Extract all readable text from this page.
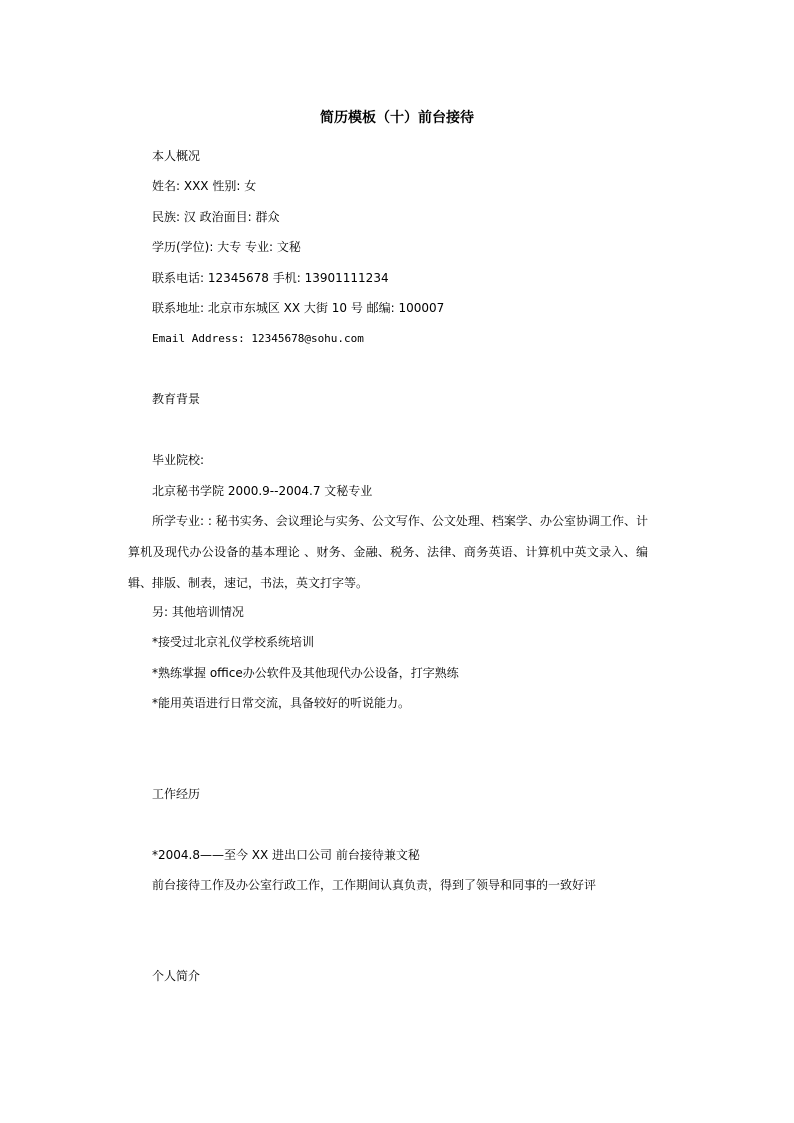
简历模板（十）前台接待
本人概况
姓名: XXX 性别: 女
民族: 汉 政治面目: 群众
学历(学位): 大专 专业: 文秘
联系电话: 12345678 手机: 13901111234
联系地址: 北京市东城区 XX 大街 10 号 邮编: 100007
Email Address: 12345678@sohu.com
教育背景
毕业院校:
北京秘书学院 2000.9--2004.7 文秘专业
所学专业: : 秘书实务、会议理论与实务、公文写作、公文处理、档案学、办公室协调工作、计算机及现代办公设备的基本理论 、财务、金融、税务、法律、商务英语、计算机中英文录入、编辑、排版、制表，速记，书法，英文打字等。
另: 其他培训情况
*接受过北京礼仪学校系统培训
*熟练掌握 office办公软件及其他现代办公设备，打字熟练
*能用英语进行日常交流，具备较好的听说能力。
工作经历
*2004.8——至今 XX 进出口公司 前台接待兼文秘
前台接待工作及办公室行政工作，工作期间认真负责，得到了领导和同事的一致好评
个人简介
